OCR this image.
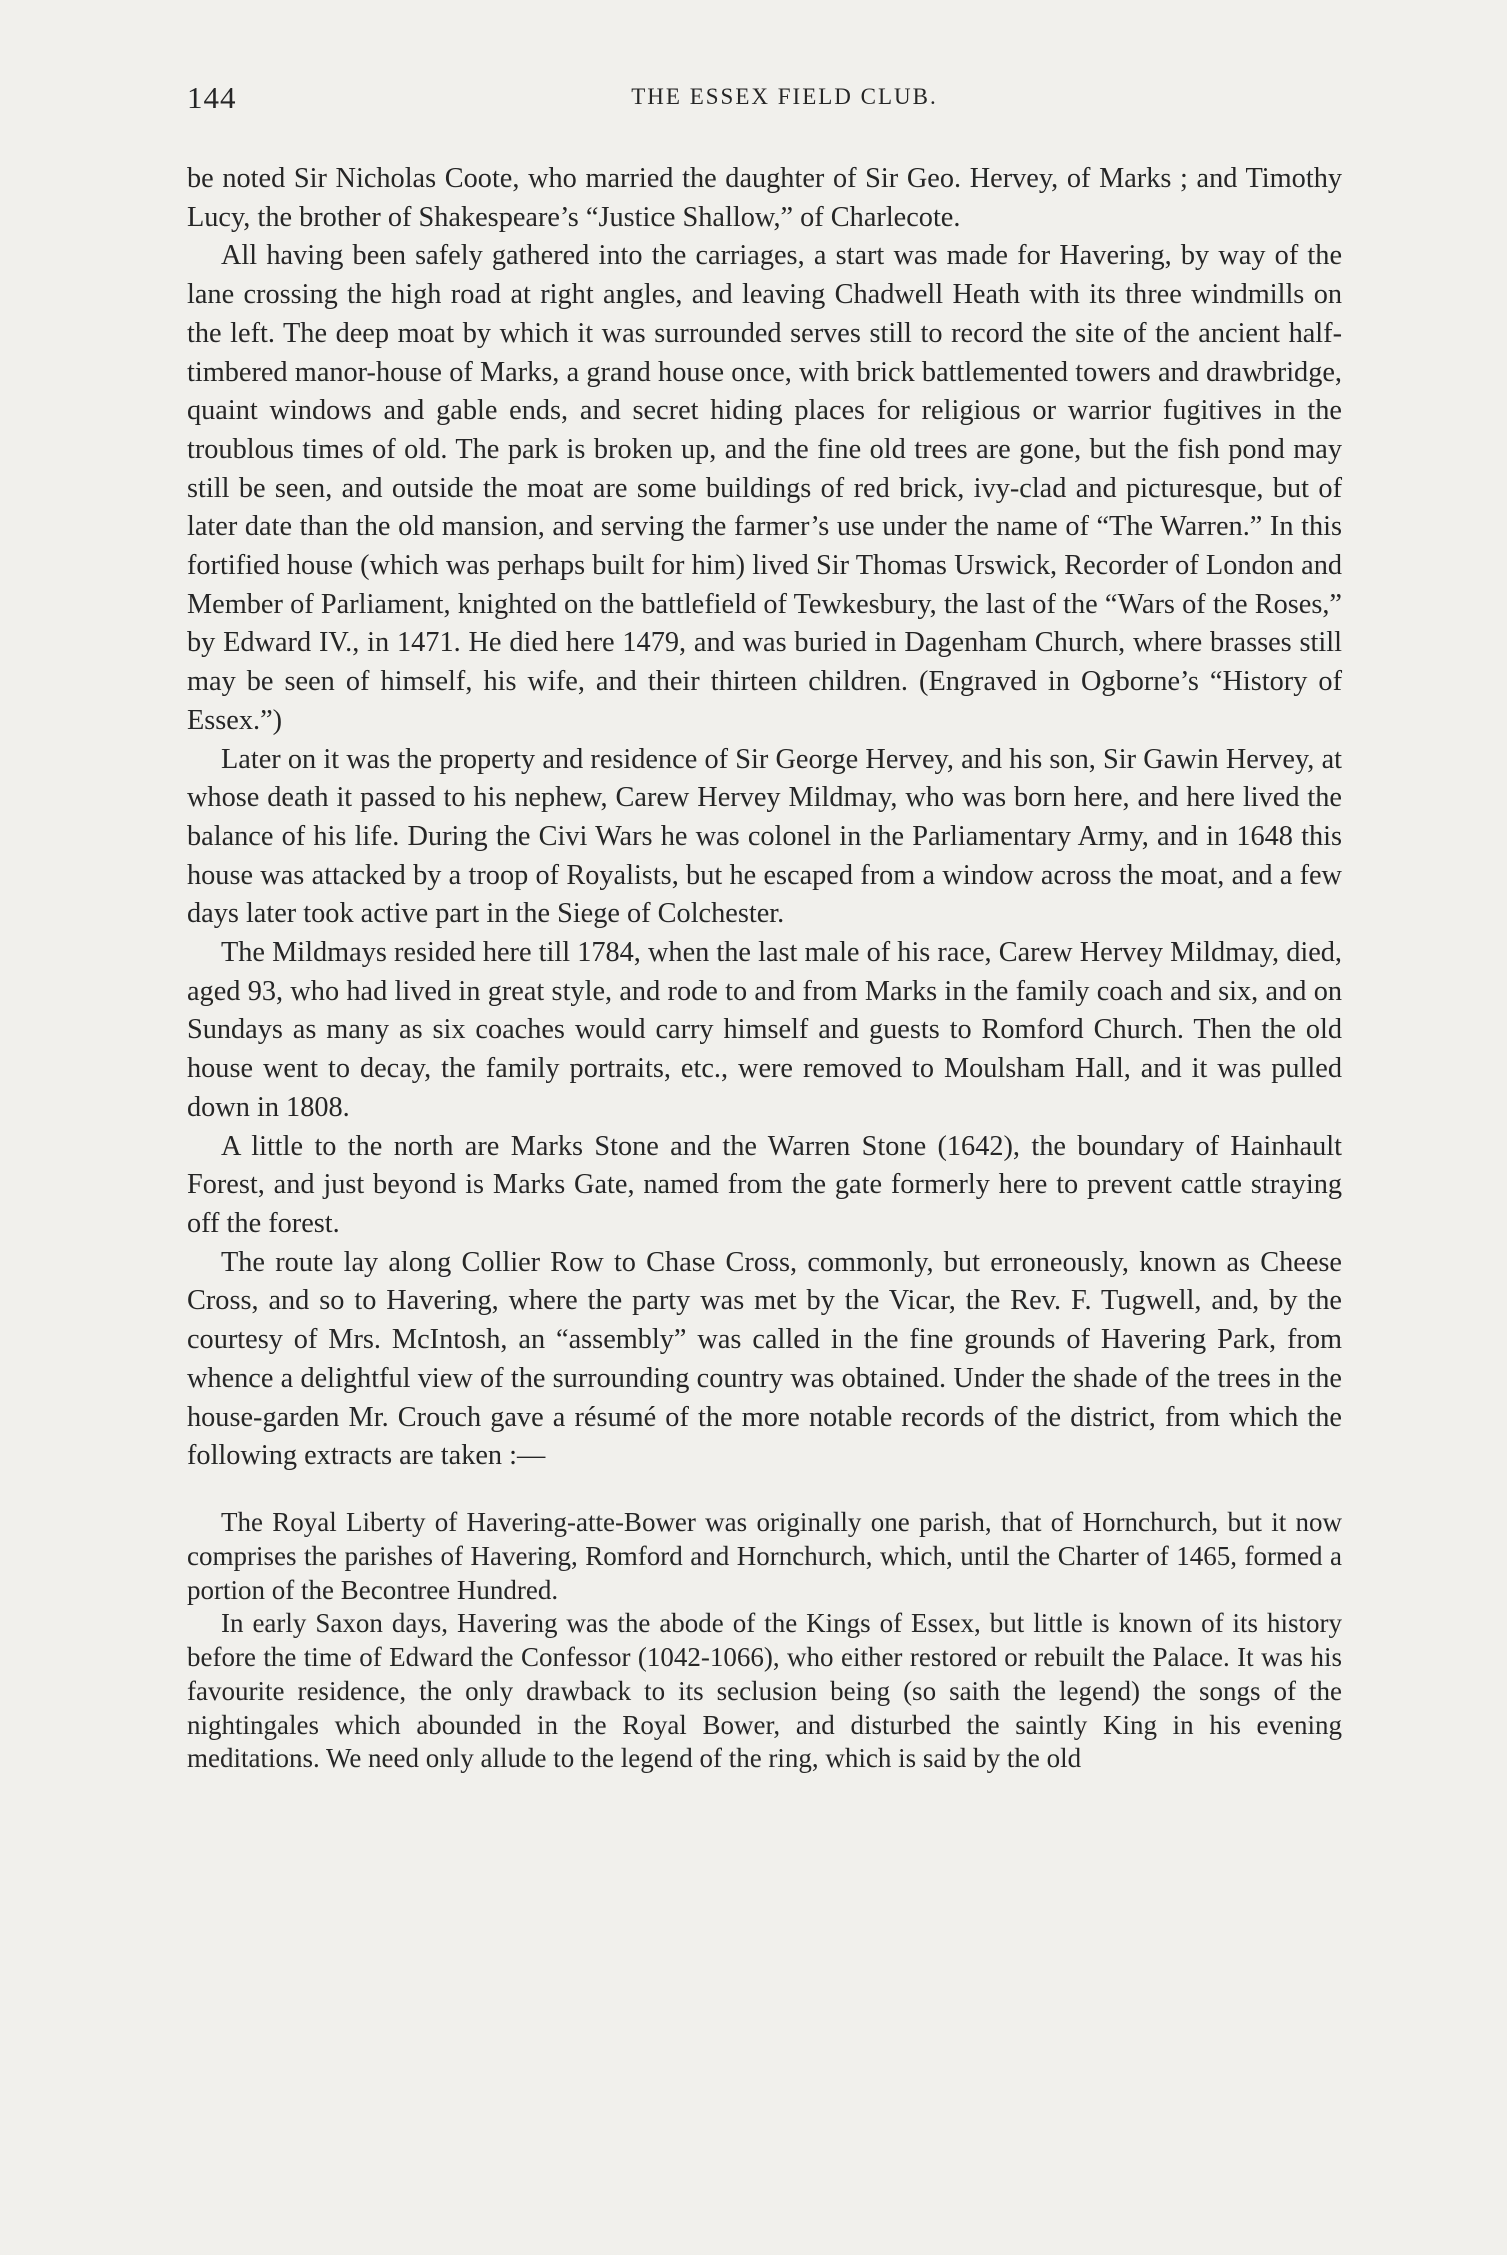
144	THE ESSEX FIELD CLUB.

be noted Sir Nicholas Coote, who married the daughter of Sir Geo. Hervey, of Marks ; and Timothy Lucy, the brother of Shakespeare’s “Justice Shallow,” of Charlecote.

All having been safely gathered into the carriages, a start was made for Havering, by way of the lane crossing the high road at right angles, and leaving Chadwell Heath with its three windmills on the left. The deep moat by which it was surrounded serves still to record the site of the ancient half-timbered manor-house of Marks, a grand house once, with brick battlemented towers and drawbridge, quaint windows and gable ends, and secret hiding places for religious or warrior fugitives in the troublous times of old. The park is broken up, and the fine old trees are gone, but the fish pond may still be seen, and outside the moat are some buildings of red brick, ivy-clad and picturesque, but of later date than the old mansion, and serving the farmer’s use under the name of “The Warren.” In this fortified house (which was perhaps built for him) lived Sir Thomas Urswick, Recorder of London and Member of Parliament, knighted on the battlefield of Tewkesbury, the last of the “Wars of the Roses,” by Edward IV., in 1471. He died here 1479, and was buried in Dagenham Church, where brasses still may be seen of himself, his wife, and their thirteen children. (Engraved in Ogborne’s “History of Essex.”)

Later on it was the property and residence of Sir George Hervey, and his son, Sir Gawin Hervey, at whose death it passed to his nephew, Carew Hervey Mildmay, who was born here, and here lived the balance of his life. During the Civi Wars he was colonel in the Parliamentary Army, and in 1648 this house was attacked by a troop of Royalists, but he escaped from a window across the moat, and a few days later took active part in the Siege of Colchester.

The Mildmays resided here till 1784, when the last male of his race, Carew Hervey Mildmay, died, aged 93, who had lived in great style, and rode to and from Marks in the family coach and six, and on Sundays as many as six coaches would carry himself and guests to Romford Church. Then the old house went to decay, the family portraits, etc., were removed to Moulsham Hall, and it was pulled down in 1808.

A little to the north are Marks Stone and the Warren Stone (1642), the boundary of Hainhault Forest, and just beyond is Marks Gate, named from the gate formerly here to prevent cattle straying off the forest.

The route lay along Collier Row to Chase Cross, commonly, but erroneously, known as Cheese Cross, and so to Havering, where the party was met by the Vicar, the Rev. F. Tugwell, and, by the courtesy of Mrs. McIntosh, an “assembly” was called in the fine grounds of Havering Park, from whence a delightful view of the surrounding country was obtained. Under the shade of the trees in the house-garden Mr. Crouch gave a résumé of the more notable records of the district, from which the following extracts are taken :—

The Royal Liberty of Havering-atte-Bower was originally one parish, that of Hornchurch, but it now comprises the parishes of Havering, Romford and Hornchurch, which, until the Charter of 1465, formed a portion of the Becontree Hundred.

In early Saxon days, Havering was the abode of the Kings of Essex, but little is known of its history before the time of Edward the Confessor (1042-1066), who either restored or rebuilt the Palace. It was his favourite residence, the only drawback to its seclusion being (so saith the legend) the songs of the nightingales which abounded in the Royal Bower, and disturbed the saintly King in his evening meditations. We need only allude to the legend of the ring, which is said by the old
